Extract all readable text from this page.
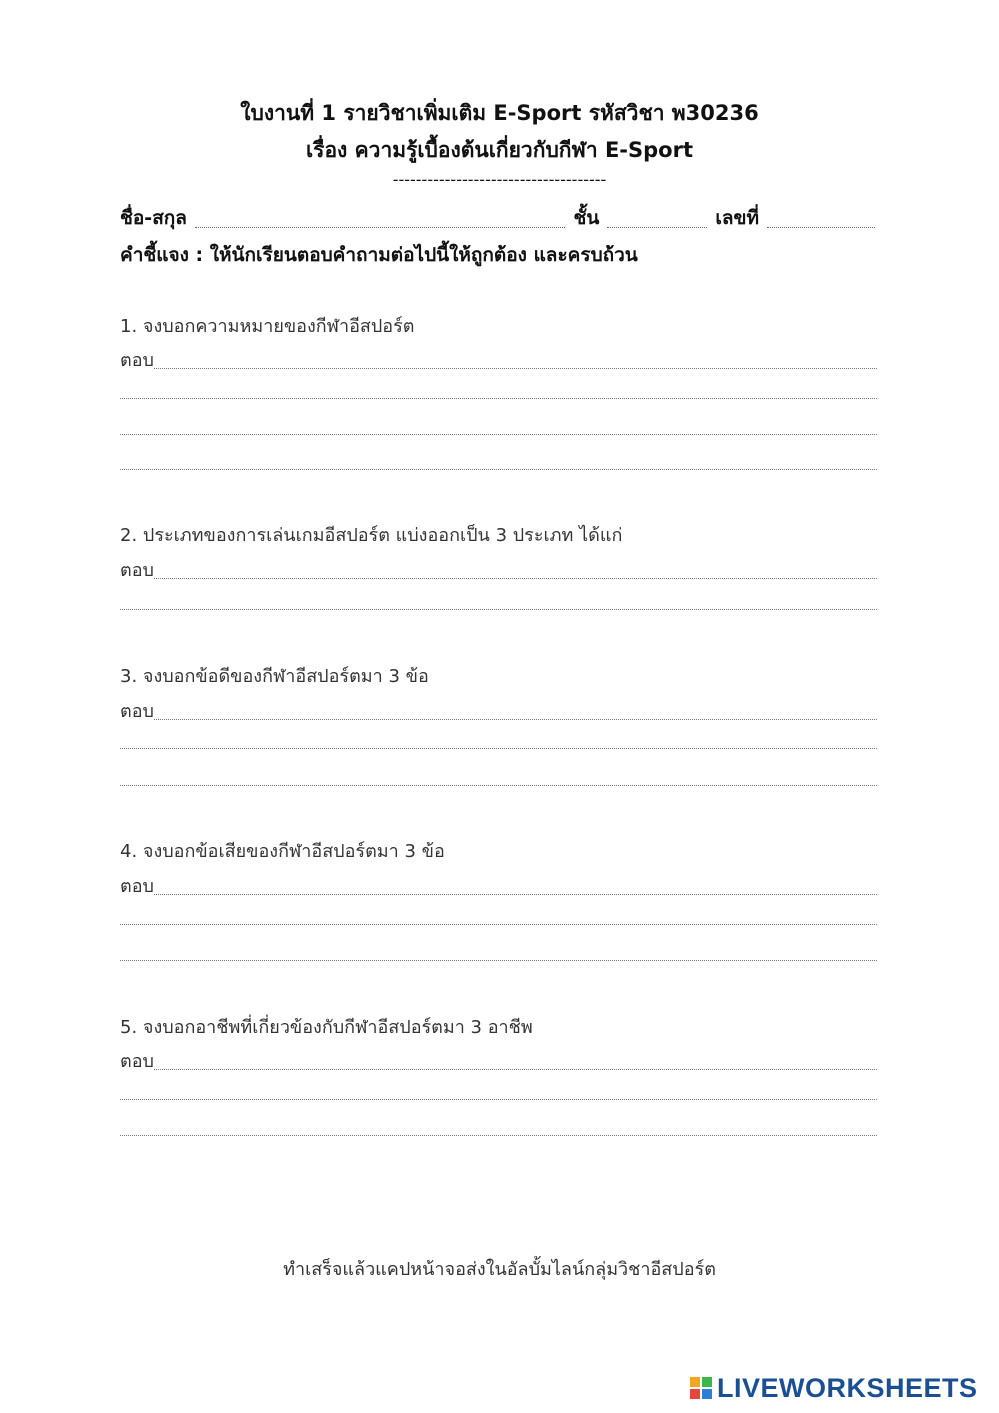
ใบงานที่ 1 รายวิชาเพิ่มเติม E-Sport รหัสวิชา พ30236
เรื่อง ความรู้เบื้องต้นเกี่ยวกับกีฬา E-Sport
-------------------------------------
ชื่อ-สกุล	ชั้น	เลขที่
คำชี้แจง : ให้นักเรียนตอบคำถามต่อไปนี้ให้ถูกต้อง และครบถ้วน
1. จงบอกความหมายของกีฬาอีสปอร์ต
ตอบ
2. ประเภทของการเล่นเกมอีสปอร์ต แบ่งออกเป็น 3 ประเภท ได้แก่
ตอบ
3. จงบอกข้อดีของกีฬาอีสปอร์ตมา 3 ข้อ
ตอบ
4. จงบอกข้อเสียของกีฬาอีสปอร์ตมา 3 ข้อ
ตอบ
5. จงบอกอาชีพที่เกี่ยวข้องกับกีฬาอีสปอร์ตมา 3 อาชีพ
ตอบ
ทำเสร็จแล้วแคปหน้าจอส่งในอัลบั้มไลน์กลุ่มวิชาอีสปอร์ต
LIVEWORKSHEETS
